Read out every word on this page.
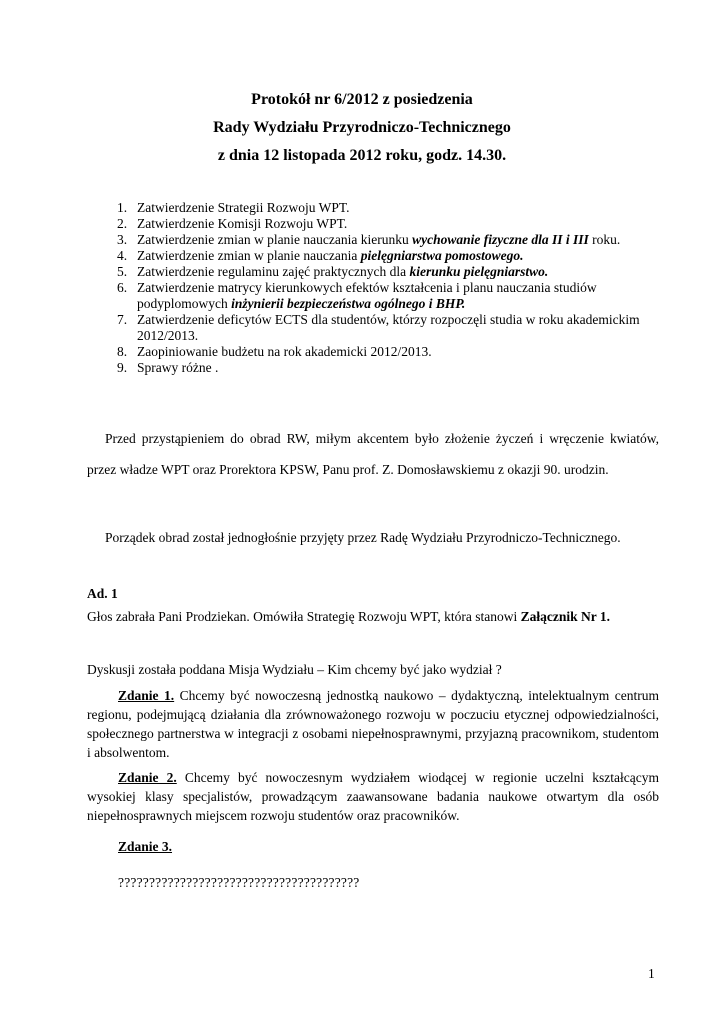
Protokół nr 6/2012 z posiedzenia
Rady Wydziału Przyrodniczo-Technicznego
z dnia 12 listopada 2012 roku, godz. 14.30.
1. Zatwierdzenie Strategii Rozwoju WPT.
2. Zatwierdzenie Komisji Rozwoju WPT.
3. Zatwierdzenie zmian w planie nauczania kierunku wychowanie fizyczne dla II i III roku.
4. Zatwierdzenie zmian w planie nauczania pielęgniarstwa pomostowego.
5. Zatwierdzenie regulaminu zajęć praktycznych dla kierunku pielęgniarstwo.
6. Zatwierdzenie matrycy kierunkowych efektów kształcenia i planu nauczania studiów podyplomowych inżynierii bezpieczeństwa ogólnego i BHP.
7. Zatwierdzenie deficytów ECTS dla studentów, którzy rozpoczęli studia w roku akademickim 2012/2013.
8. Zaopiniowanie budżetu na rok akademicki 2012/2013.
9. Sprawy różne .
Przed przystąpieniem do obrad RW, miłym akcentem było złożenie życzeń i wręczenie kwiatów, przez władze WPT oraz Prorektora KPSW, Panu prof. Z. Domosławskiemu z okazji 90. urodzin.
Porządek obrad został jednogłośnie przyjęty przez Radę Wydziału Przyrodniczo-Technicznego.
Ad. 1
Głos zabrała Pani Prodziekan. Omówiła Strategię Rozwoju WPT, która stanowi Załącznik Nr 1.
Dyskusji została poddana Misja Wydziału – Kim chcemy być jako wydział ?
Zdanie 1. Chcemy być nowoczesną jednostką naukowo – dydaktyczną, intelektualnym centrum regionu, podejmującą działania dla zrównoważonego rozwoju w poczuciu etycznej odpowiedzialności, społecznego partnerstwa w integracji z osobami niepełnosprawnymi, przyjazną pracownikom, studentom i absolwentom.
Zdanie 2. Chcemy być nowoczesnym wydziałem wiodącej w regionie uczelni kształcącym wysokiej klasy specjalistów, prowadzącym zaawansowane badania naukowe otwartym dla osób niepełnosprawnych miejscem rozwoju studentów oraz pracowników.
Zdanie 3.
???????????????????????????????????????
1
